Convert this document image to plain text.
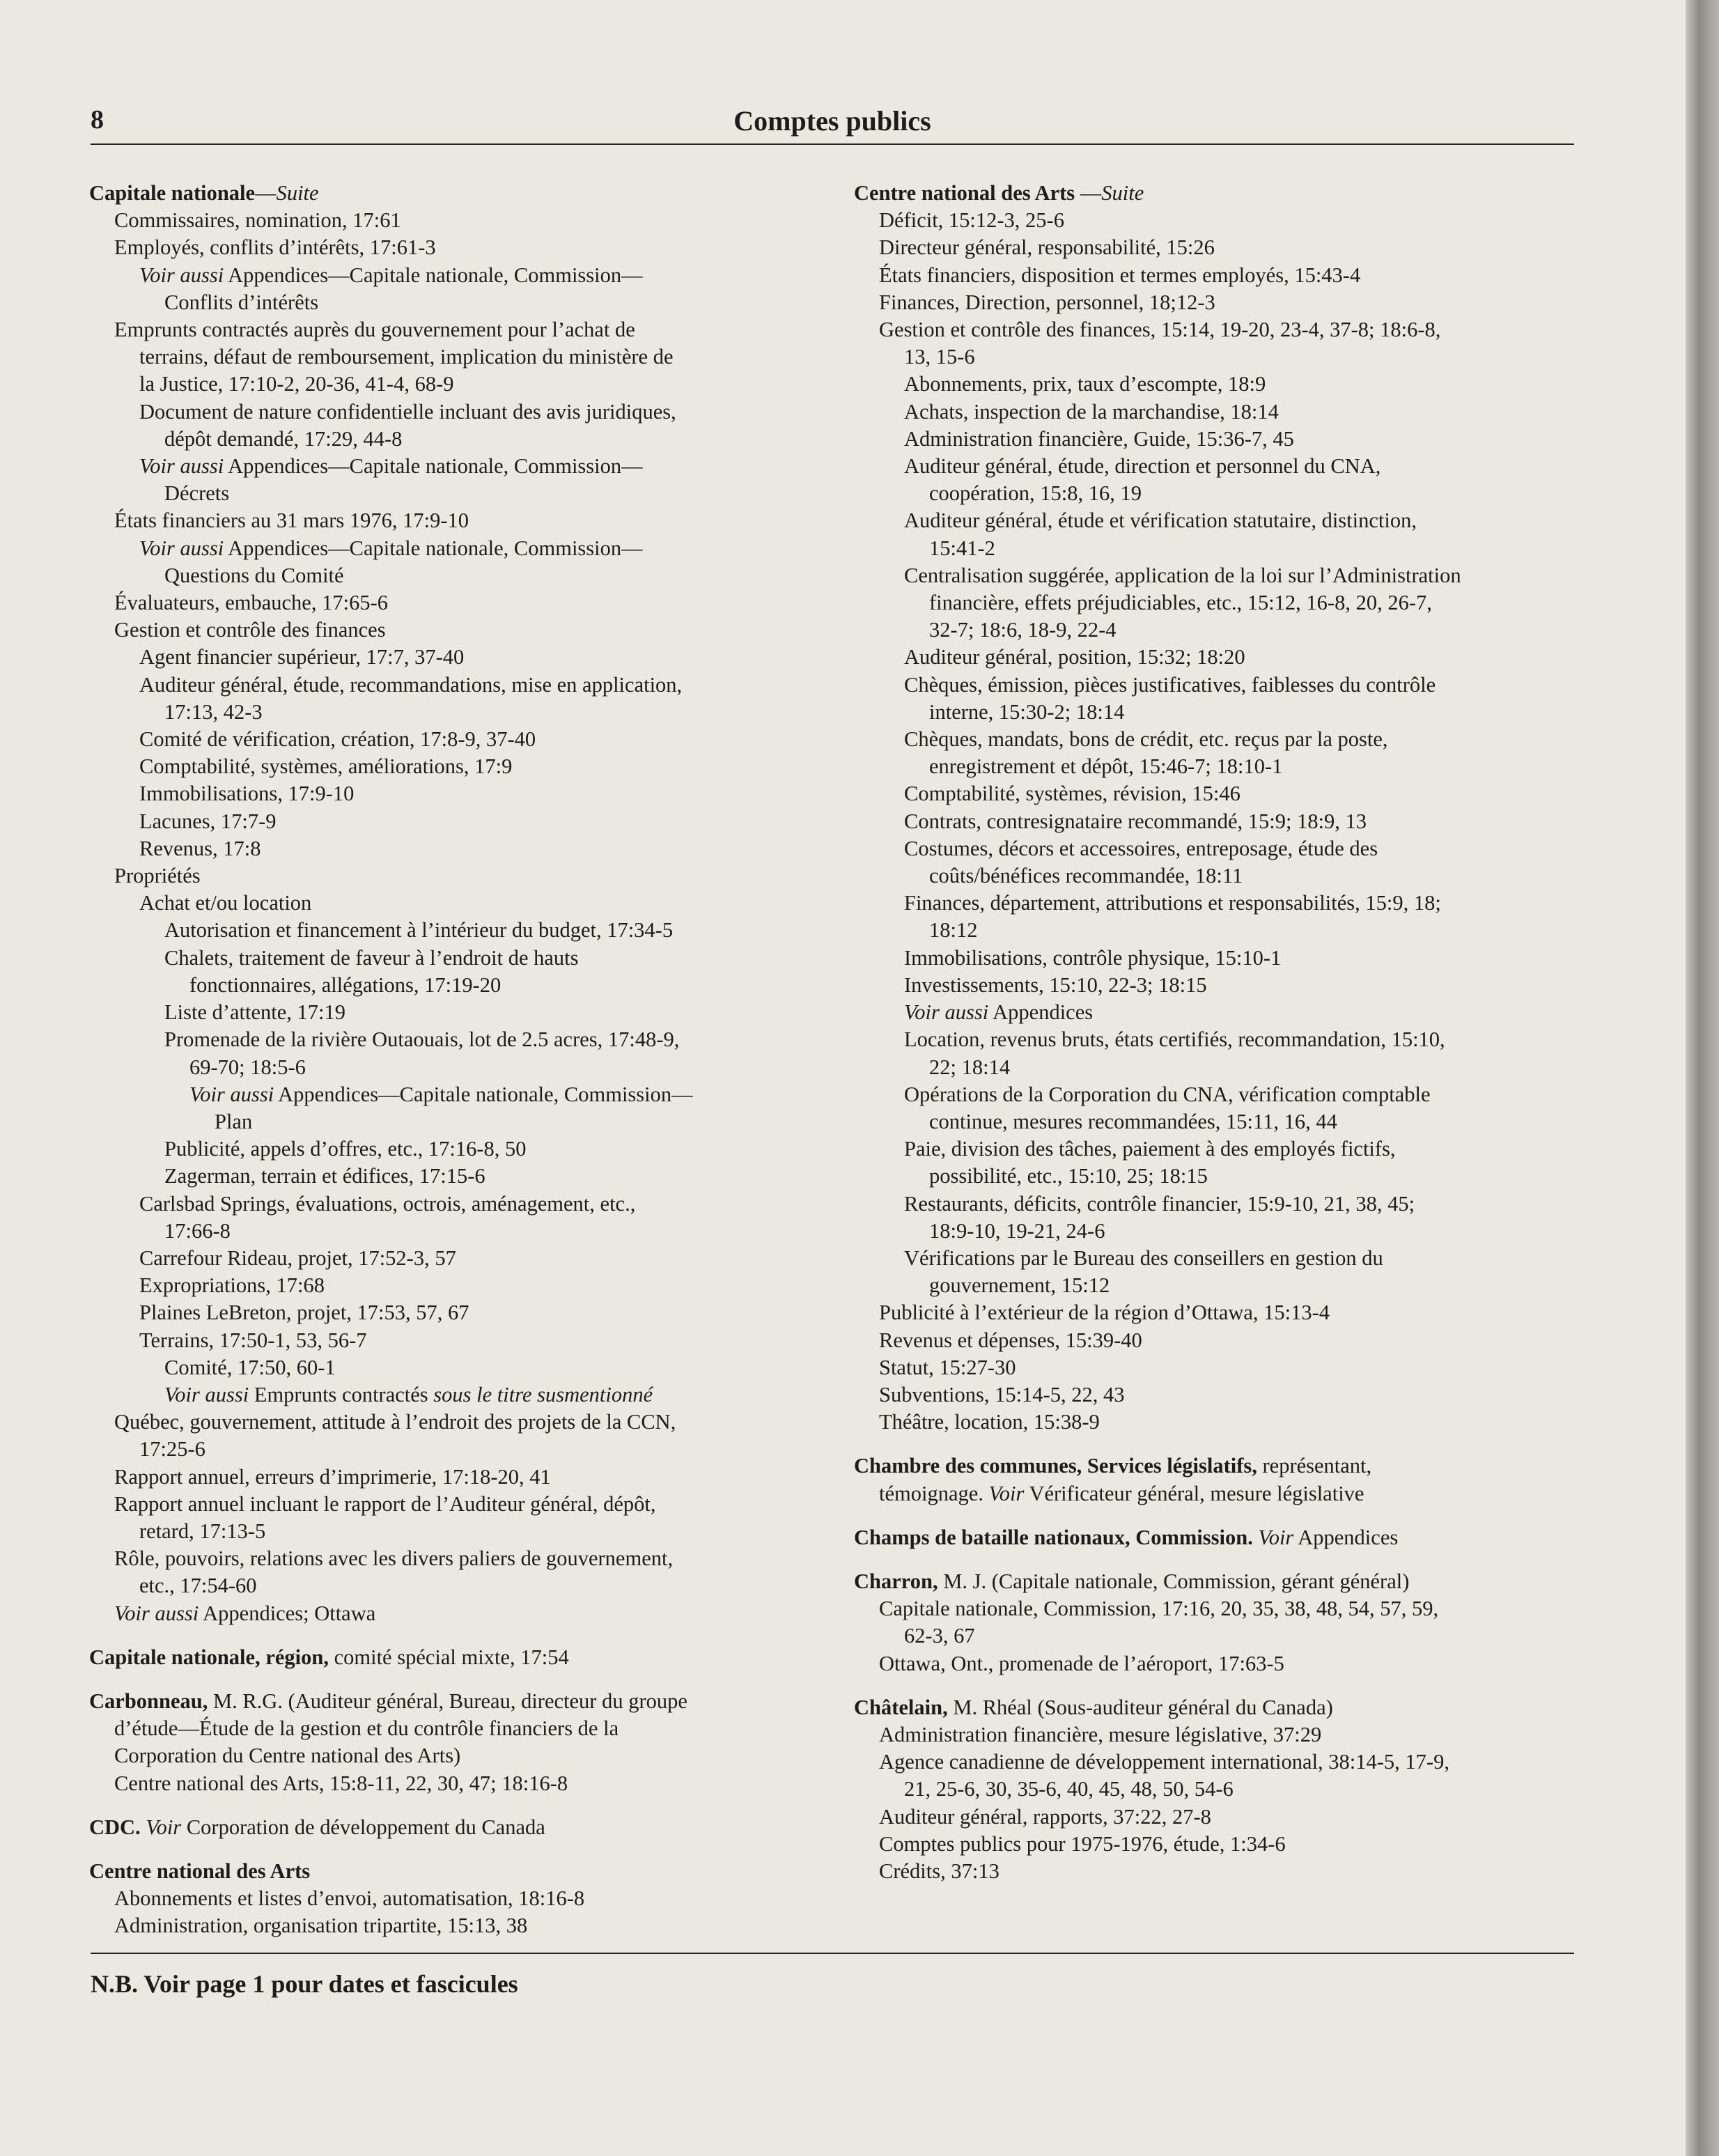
8	Comptes publics
Capitale nationale—Suite
Commissaires, nomination, 17:61
Employés, conflits d’intérêts, 17:61-3
Voir aussi Appendices—Capitale nationale, Commission—
Conflits d’intérêts
Emprunts contractés auprès du gouvernement pour l’achat de
terrains, défaut de remboursement, implication du ministère de
la Justice, 17:10-2, 20-36, 41-4, 68-9
Document de nature confidentielle incluant des avis juridiques,
dépôt demandé, 17:29, 44-8
Voir aussi Appendices—Capitale nationale, Commission—
Décrets
États financiers au 31 mars 1976, 17:9-10
Voir aussi Appendices—Capitale nationale, Commission—
Questions du Comité
Évaluateurs, embauche, 17:65-6
Gestion et contrôle des finances
Agent financier supérieur, 17:7, 37-40
Auditeur général, étude, recommandations, mise en application,
17:13, 42-3
Comité de vérification, création, 17:8-9, 37-40
Comptabilité, systèmes, améliorations, 17:9
Immobilisations, 17:9-10
Lacunes, 17:7-9
Revenus, 17:8
Propriétés
Achat et/ou location
Autorisation et financement à l’intérieur du budget, 17:34-5
Chalets, traitement de faveur à l’endroit de hauts
fonctionnaires, allégations, 17:19-20
Liste d’attente, 17:19
Promenade de la rivière Outaouais, lot de 2.5 acres, 17:48-9,
69-70; 18:5-6
Voir aussi Appendices—Capitale nationale, Commission—
Plan
Publicité, appels d’offres, etc., 17:16-8, 50
Zagerman, terrain et édifices, 17:15-6
Carlsbad Springs, évaluations, octrois, aménagement, etc.,
17:66-8
Carrefour Rideau, projet, 17:52-3, 57
Expropriations, 17:68
Plaines LeBreton, projet, 17:53, 57, 67
Terrains, 17:50-1, 53, 56-7
Comité, 17:50, 60-1
Voir aussi Emprunts contractés sous le titre susmentionné
Québec, gouvernement, attitude à l’endroit des projets de la CCN,
17:25-6
Rapport annuel, erreurs d’imprimerie, 17:18-20, 41
Rapport annuel incluant le rapport de l’Auditeur général, dépôt,
retard, 17:13-5
Rôle, pouvoirs, relations avec les divers paliers de gouvernement,
etc., 17:54-60
Voir aussi Appendices; Ottawa
Capitale nationale, région, comité spécial mixte, 17:54
Carbonneau, M. R.G. (Auditeur général, Bureau, directeur du groupe
d’étude—Étude de la gestion et du contrôle financiers de la
Corporation du Centre national des Arts)
Centre national des Arts, 15:8-11, 22, 30, 47; 18:16-8
CDC. Voir Corporation de développement du Canada
Centre national des Arts
Abonnements et listes d’envoi, automatisation, 18:16-8
Administration, organisation tripartite, 15:13, 38
Centre national des Arts —Suite
Déficit, 15:12-3, 25-6
Directeur général, responsabilité, 15:26
États financiers, disposition et termes employés, 15:43-4
Finances, Direction, personnel, 18;12-3
Gestion et contrôle des finances, 15:14, 19-20, 23-4, 37-8; 18:6-8,
13, 15-6
Abonnements, prix, taux d’escompte, 18:9
Achats, inspection de la marchandise, 18:14
Administration financière, Guide, 15:36-7, 45
Auditeur général, étude, direction et personnel du CNA,
coopération, 15:8, 16, 19
Auditeur général, étude et vérification statutaire, distinction,
15:41-2
Centralisation suggérée, application de la loi sur l’Administration
financière, effets préjudiciables, etc., 15:12, 16-8, 20, 26-7,
32-7; 18:6, 18-9, 22-4
Auditeur général, position, 15:32; 18:20
Chèques, émission, pièces justificatives, faiblesses du contrôle
interne, 15:30-2; 18:14
Chèques, mandats, bons de crédit, etc. reçus par la poste,
enregistrement et dépôt, 15:46-7; 18:10-1
Comptabilité, systèmes, révision, 15:46
Contrats, contresignataire recommandé, 15:9; 18:9, 13
Costumes, décors et accessoires, entreposage, étude des
coûts/bénéfices recommandée, 18:11
Finances, département, attributions et responsabilités, 15:9, 18;
18:12
Immobilisations, contrôle physique, 15:10-1
Investissements, 15:10, 22-3; 18:15
Voir aussi Appendices
Location, revenus bruts, états certifiés, recommandation, 15:10,
22; 18:14
Opérations de la Corporation du CNA, vérification comptable
continue, mesures recommandées, 15:11, 16, 44
Paie, division des tâches, paiement à des employés fictifs,
possibilité, etc., 15:10, 25; 18:15
Restaurants, déficits, contrôle financier, 15:9-10, 21, 38, 45;
18:9-10, 19-21, 24-6
Vérifications par le Bureau des conseillers en gestion du
gouvernement, 15:12
Publicité à l’extérieur de la région d’Ottawa, 15:13-4
Revenus et dépenses, 15:39-40
Statut, 15:27-30
Subventions, 15:14-5, 22, 43
Théâtre, location, 15:38-9
Chambre des communes, Services législatifs, représentant,
témoignage. Voir Vérificateur général, mesure législative
Champs de bataille nationaux, Commission. Voir Appendices
Charron, M. J. (Capitale nationale, Commission, gérant général)
Capitale nationale, Commission, 17:16, 20, 35, 38, 48, 54, 57, 59,
62-3, 67
Ottawa, Ont., promenade de l’aéroport, 17:63-5
Châtelain, M. Rhéal (Sous-auditeur général du Canada)
Administration financière, mesure législative, 37:29
Agence canadienne de développement international, 38:14-5, 17-9,
21, 25-6, 30, 35-6, 40, 45, 48, 50, 54-6
Auditeur général, rapports, 37:22, 27-8
Comptes publics pour 1975-1976, étude, 1:34-6
Crédits, 37:13
N.B. Voir page 1 pour dates et fascicules
